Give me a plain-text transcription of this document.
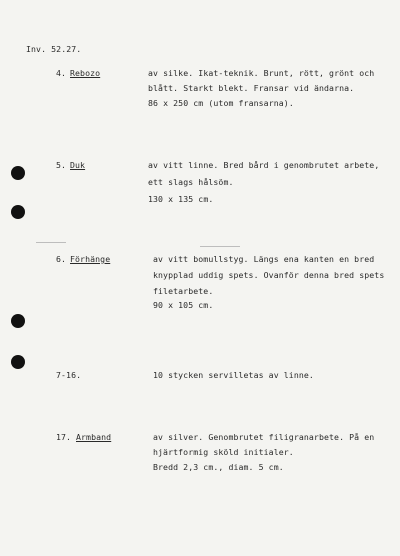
Inv. 52.27.
4. Rebozo	av silke. Ikat-teknik. Brunt, rött, grönt och
blått. Starkt blekt. Fransar vid ändarna.
86 x 250 cm (utom fransarna).
5. Duk	av vitt linne. Bred bård i genombrutet arbete,
ett slags hålsöm.
130 x 135 cm.
6. Förhänge	av vitt bomullstyg. Längs ena kanten en bred
knypplad uddig spets. Ovanför denna bred spets
filetarbete.
90 x 105 cm.
7-16.	10 stycken servilletas av linne.
17. Armband	av silver. Genombrutet filigranarbete. På en
hjärtformig sköld initialer.
Bredd 2,3 cm., diam. 5 cm.
